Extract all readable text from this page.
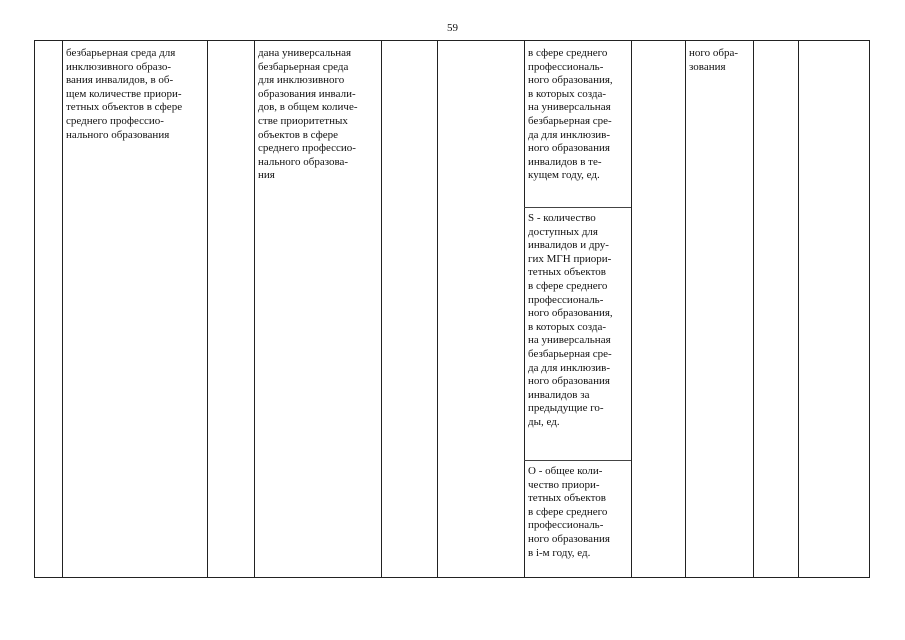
59
безбарьерная среда для
инклюзивного образо-
вания инвалидов, в об-
щем количестве приори-
тетных объектов в сфере
среднего профессио-
нального образования
дана универсальная
безбарьерная среда
для инклюзивного
образования инвали-
дов, в общем количе-
стве приоритетных
объектов в сфере
среднего профессио-
нального образова-
ния
в сфере среднего
профессиональ-
ного образования,
в которых созда-
на универсальная
безбарьерная сре-
да для инклюзив-
ного образования
инвалидов в те-
кущем году, ед.
S - количество
доступных для
инвалидов и дру-
гих МГН приори-
тетных объектов
в сфере среднего
профессиональ-
ного образования,
в которых созда-
на универсальная
безбарьерная сре-
да для инклюзив-
ного образования
инвалидов за
предыдущие го-
ды, ед.
О - общее коли-
чество приори-
тетных объектов
в сфере среднего
профессиональ-
ного образования
в i-м году, ед.
ного обра-
зования
